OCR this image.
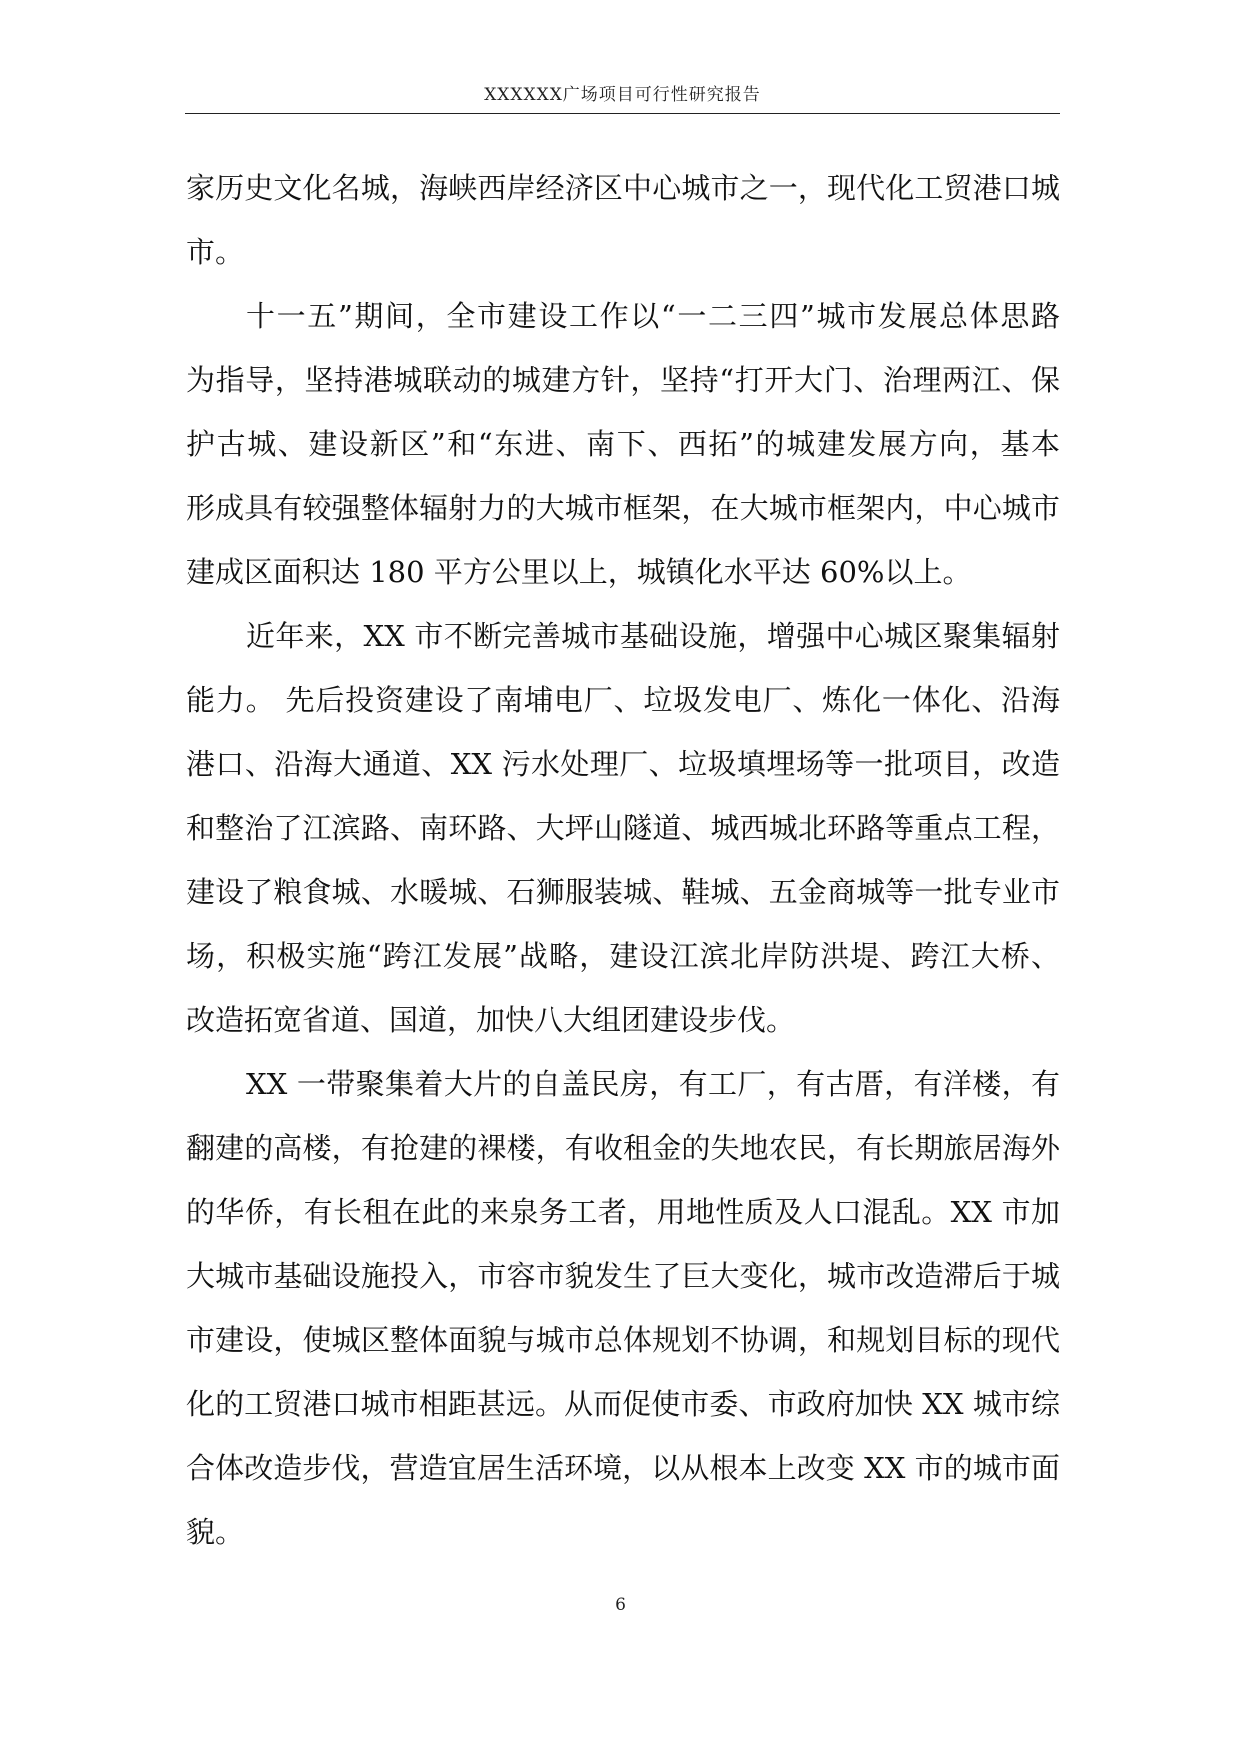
XXXXXX广场项目可行性研究报告
家历史文化名城，海峡西岸经济区中心城市之一，现代化工贸港口城
市。
十一五”期间，全市建设工作以“一二三四”城市发展总体思路
为指导，坚持港城联动的城建方针，坚持“打开大门、治理两江、保
护古城、建设新区”和“东进、南下、西拓”的城建发展方向，基本
形成具有较强整体辐射力的大城市框架，在大城市框架内，中心城市
建成区面积达 180 平方公里以上，城镇化水平达 60%以上。
近年来，XX 市不断完善城市基础设施，增强中心城区聚集辐射
能力。 先后投资建设了南埔电厂、垃圾发电厂、炼化一体化、沿海
港口、沿海大通道、XX 污水处理厂、垃圾填埋场等一批项目，改造
和整治了江滨路、南环路、大坪山隧道、城西城北环路等重点工程，
建设了粮食城、水暖城、石狮服装城、鞋城、五金商城等一批专业市
场，积极实施“跨江发展”战略，建设江滨北岸防洪堤、跨江大桥、
改造拓宽省道、国道，加快八大组团建设步伐。
XX 一带聚集着大片的自盖民房，有工厂，有古厝，有洋楼，有
翻建的高楼，有抢建的裸楼，有收租金的失地农民，有长期旅居海外
的华侨，有长租在此的来泉务工者，用地性质及人口混乱。XX 市加
大城市基础设施投入，市容市貌发生了巨大变化，城市改造滞后于城
市建设，使城区整体面貌与城市总体规划不协调，和规划目标的现代
化的工贸港口城市相距甚远。从而促使市委、市政府加快 XX 城市综
合体改造步伐，营造宜居生活环境，以从根本上改变 XX 市的城市面
貌。
6
